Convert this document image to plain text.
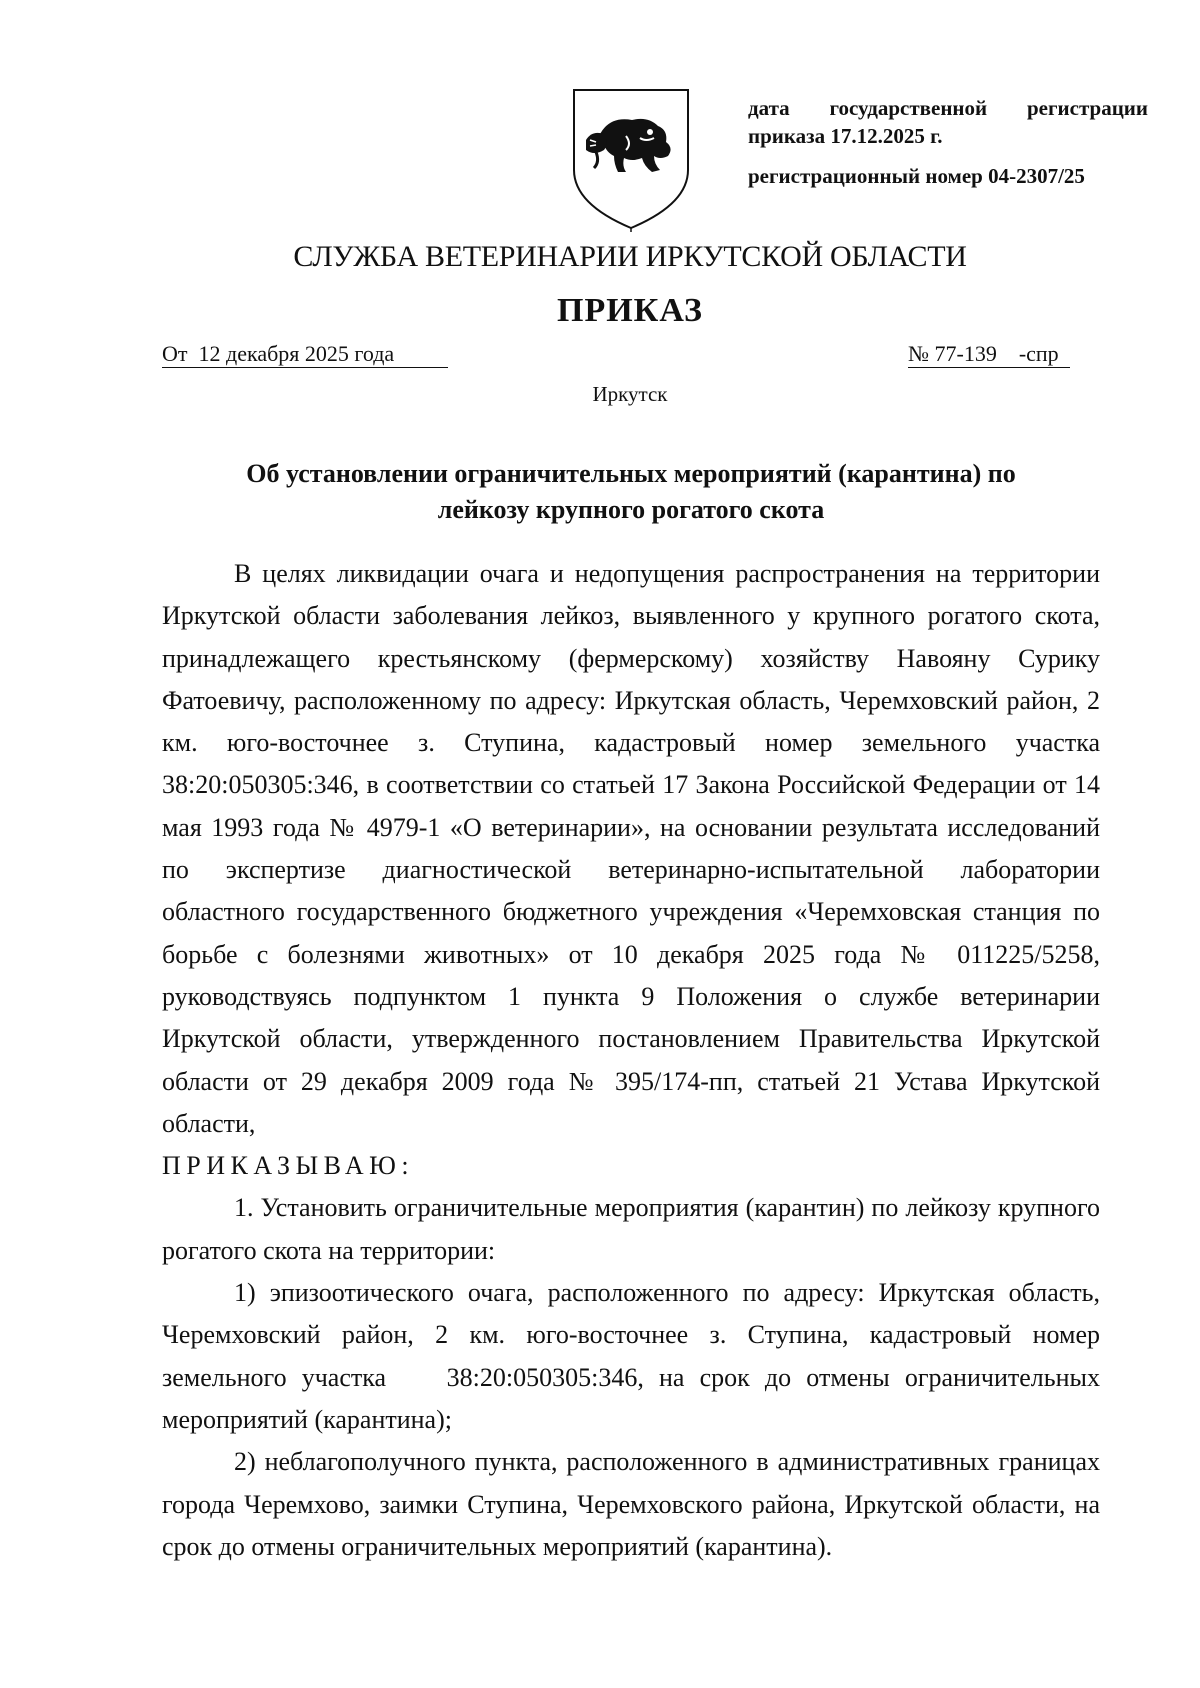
дата государственной регистрации
приказа 17.12.2025 г.
регистрационный номер 04-2307/25
СЛУЖБА ВЕТЕРИНАРИИ ИРКУТСКОЙ ОБЛАСТИ
ПРИКАЗ
От  12 декабря 2025 года	№ 77-139    -спр
Иркутск
Об установлении ограничительных мероприятий (карантина) по
лейкозу крупного рогатого скота

В целях ликвидации очага и недопущения распространения на территории Иркутской области заболевания лейкоз, выявленного у крупного рогатого скота, принадлежащего крестьянскому (фермерскому) хозяйству Навояну Сурику Фатоевичу, расположенному по адресу: Иркутская область, Черемховский район, 2 км. юго-восточнее з. Ступина, кадастровый номер земельного участка 38:20:050305:346, в соответствии со статьей 17 Закона Российской Федерации от 14 мая 1993 года № 4979-1 «О ветеринарии», на основании результата исследований по экспертизе диагностической ветеринарно-испытательной лаборатории областного государственного бюджетного учреждения «Черемховская станция по борьбе с болезнями животных» от 10 декабря 2025 года № 011225/5258, руководствуясь подпунктом 1 пункта 9 Положения о службе ветеринарии Иркутской области, утвержденного постановлением Правительства Иркутской области от 29 декабря 2009 года № 395/174-пп, статьей 21 Устава Иркутской области,

ПРИКАЗЫВАЮ:

1. Установить ограничительные мероприятия (карантин) по лейкозу крупного рогатого скота на территории:

1) эпизоотического очага, расположенного по адресу: Иркутская область,  Черемховский район, 2 км. юго-восточнее з. Ступина, кадастровый номер земельного участка    38:20:050305:346, на срок до отмены ограничительных мероприятий (карантина);

2) неблагополучного пункта, расположенного в административных границах города Черемхово, заимки Ступина, Черемховского района, Иркутской области, на срок до отмены ограничительных мероприятий (карантина).
